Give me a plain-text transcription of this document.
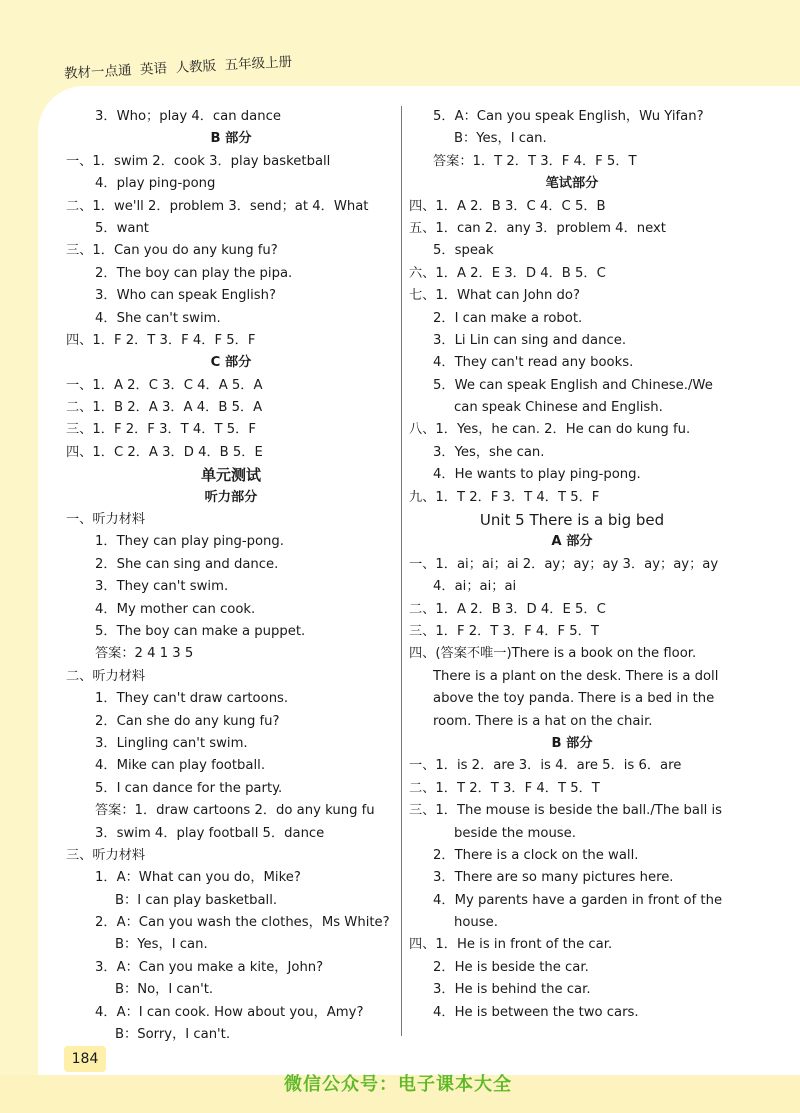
教材一点通  英语  人教版  五年级上册
3．Who；play 4．can dance
B 部分
一、1．swim 2．cook 3．play basketball
4．play ping-pong
二、1．we'll 2．problem 3．send；at 4．What
5．want
三、1．Can you do any kung fu?
2．The boy can play the pipa.
3．Who can speak English?
4．She can't swim.
四、1．F 2．T 3．F 4．F 5．F
C 部分
一、1．A 2．C 3．C 4．A 5．A
二、1．B 2．A 3．A 4．B 5．A
三、1．F 2．F 3．T 4．T 5．F
四、1．C 2．A 3．D 4．B 5．E
单元测试
听力部分
一、听力材料
1．They can play ping-pong.
2．She can sing and dance.
3．They can't swim.
4．My mother can cook.
5．The boy can make a puppet.
答案：2 4 1 3 5
二、听力材料
1．They can't draw cartoons.
2．Can she do any kung fu?
3．Lingling can't swim.
4．Mike can play football.
5．I can dance for the party.
答案：1．draw cartoons 2．do any kung fu
3．swim 4．play football 5．dance
三、听力材料
1．A：What can you do，Mike?
B：I can play basketball.
2．A：Can you wash the clothes，Ms White?
B：Yes，I can.
3．A：Can you make a kite，John?
B：No，I can't.
4．A：I can cook. How about you，Amy?
B：Sorry，I can't.
5．A：Can you speak English，Wu Yifan?
B：Yes，I can.
答案：1．T 2．T 3．F 4．F 5．T
笔试部分
四、1．A 2．B 3．C 4．C 5．B
五、1．can 2．any 3．problem 4．next
5．speak
六、1．A 2．E 3．D 4．B 5．C
七、1．What can John do?
2．I can make a robot.
3．Li Lin can sing and dance.
4．They can't read any books.
5．We can speak English and Chinese./We
can speak Chinese and English.
八、1．Yes，he can. 2．He can do kung fu.
3．Yes，she can.
4．He wants to play ping-pong.
九、1．T 2．F 3．T 4．T 5．F
Unit 5 There is a big bed
A 部分
一、1．ai；ai；ai 2．ay；ay；ay 3．ay；ay；ay
4．ai；ai；ai
二、1．A 2．B 3．D 4．E 5．C
三、1．F 2．T 3．F 4．F 5．T
四、(答案不唯一)There is a book on the floor.
There is a plant on the desk. There is a doll
above the toy panda. There is a bed in the
room. There is a hat on the chair.
B 部分
一、1．is 2．are 3．is 4．are 5．is 6．are
二、1．T 2．T 3．F 4．T 5．T
三、1．The mouse is beside the ball./The ball is
beside the mouse.
2．There is a clock on the wall.
3．There are so many pictures here.
4．My parents have a garden in front of the
house.
四、1．He is in front of the car.
2．He is beside the car.
3．He is behind the car.
4．He is between the two cars.
184
微信公众号：电子课本大全
